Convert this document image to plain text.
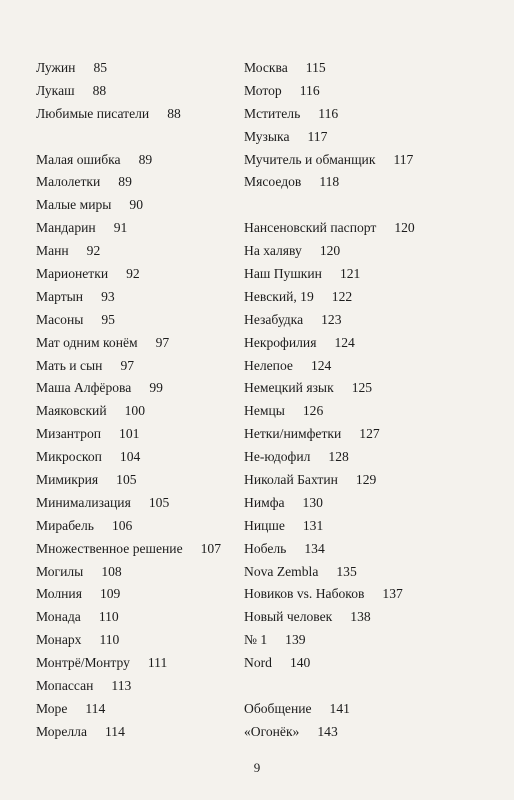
Лужин 85
Лукаш 88
Любимые писатели 88
Малая ошибка 89
Малолетки 89
Малые миры 90
Мандарин 91
Манн 92
Марионетки 92
Мартын 93
Масоны 95
Мат одним конём 97
Мать и сын 97
Маша Алфёрова 99
Маяковский 100
Мизантроп 101
Микроскоп 104
Мимикрия 105
Минимализация 105
Мирабель 106
Множественное решение 107
Могилы 108
Молния 109
Монада 110
Монарх 110
Монтрё/Монтру 111
Мопассан 113
Море 114
Морелла 114
Москва 115
Мотор 116
Мститель 116
Музыка 117
Мучитель и обманщик 117
Мясоедов 118
Нансеновский паспорт 120
На халяву 120
Наш Пушкин 121
Невский, 19 122
Незабудка 123
Некрофилия 124
Нелепое 124
Немецкий язык 125
Немцы 126
Нетки/нимфетки 127
Не-юдофил 128
Николай Бахтин 129
Нимфа 130
Ницше 131
Нобель 134
Nova Zembla 135
Новиков vs. Набоков 137
Новый человек 138
№ 1 139
Nord 140
Обобщение 141
«Огонёк» 143
9
